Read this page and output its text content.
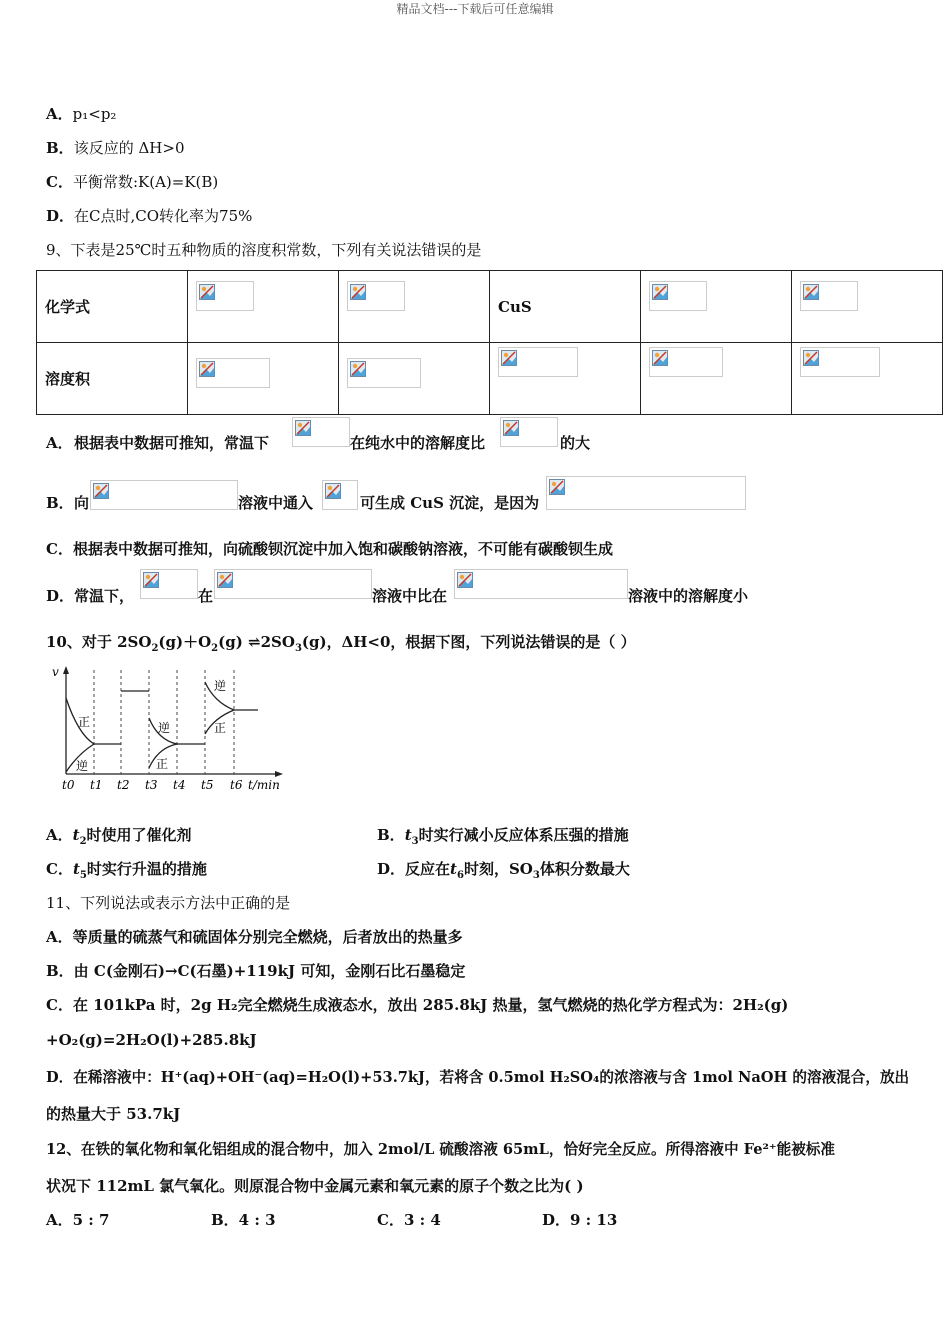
精品文档---下载后可任意编辑
A．p₁<p₂
B．该反应的 ΔH>0
C．平衡常数:K(A)=K(B)
D．在C点时,CO转化率为75%
9、下表是25℃时五种物质的溶度积常数，下列有关说法错误的是
化学式			CuS	

溶度积	

A． 根据表中数据可推知，常温下	在纯水中的溶解度比	的大
B． 向	溶液中通入	可生成 CuS 沉淀，是因为
C．根据表中数据可推知，向硫酸钡沉淀中加入饱和碳酸钠溶液，不可能有碳酸钡生成
D． 常温下，	在	溶液中比在	溶液中的溶解度小
10、对于 $2SO_2(g)+O_2(g)$ $\rightleftharpoons 2SO_3(g)$，ΔH<0，根据下图，下列说法错误的是（ ）
v
正
逆
逆
正
逆
正
t0 t1 t2 t3 t4 t5 t6 t/min
A．$t_2$时使用了催化剂	B．$t_3$时实行减小反应体系压强的措施
C．$t_5$时实行升温的措施	D．反应在$t_6$时刻，$SO_3$体积分数最大
11、下列说法或表示方法中正确的是
A．等质量的硫蒸气和硫固体分别完全燃烧，后者放出的热量多
B．由 C(金刚石)→C(石墨)+119kJ 可知，金刚石比石墨稳定
C．在 101kPa 时，2g H₂完全燃烧生成液态水，放出 285.8kJ 热量，氢气燃烧的热化学方程式为：2H₂(g)
+O₂(g)=2H₂O(l)+285.8kJ
D．在稀溶液中：H⁺(aq)+OH⁻(aq)=H₂O(l)+53.7kJ，若将含 0.5mol H₂SO₄的浓溶液与含 1mol NaOH 的溶液混合，放出
的热量大于 53.7kJ
12、在铁的氧化物和氧化铝组成的混合物中，加入 2mol/L 硫酸溶液 65mL，恰好完全反应。所得溶液中 Fe²⁺能被标准
状况下 112mL 氯气氧化。则原混合物中金属元素和氧元素的原子个数之比为( )
A．5 : 7	B．4 : 3	C．3 : 4	D．9 : 13
